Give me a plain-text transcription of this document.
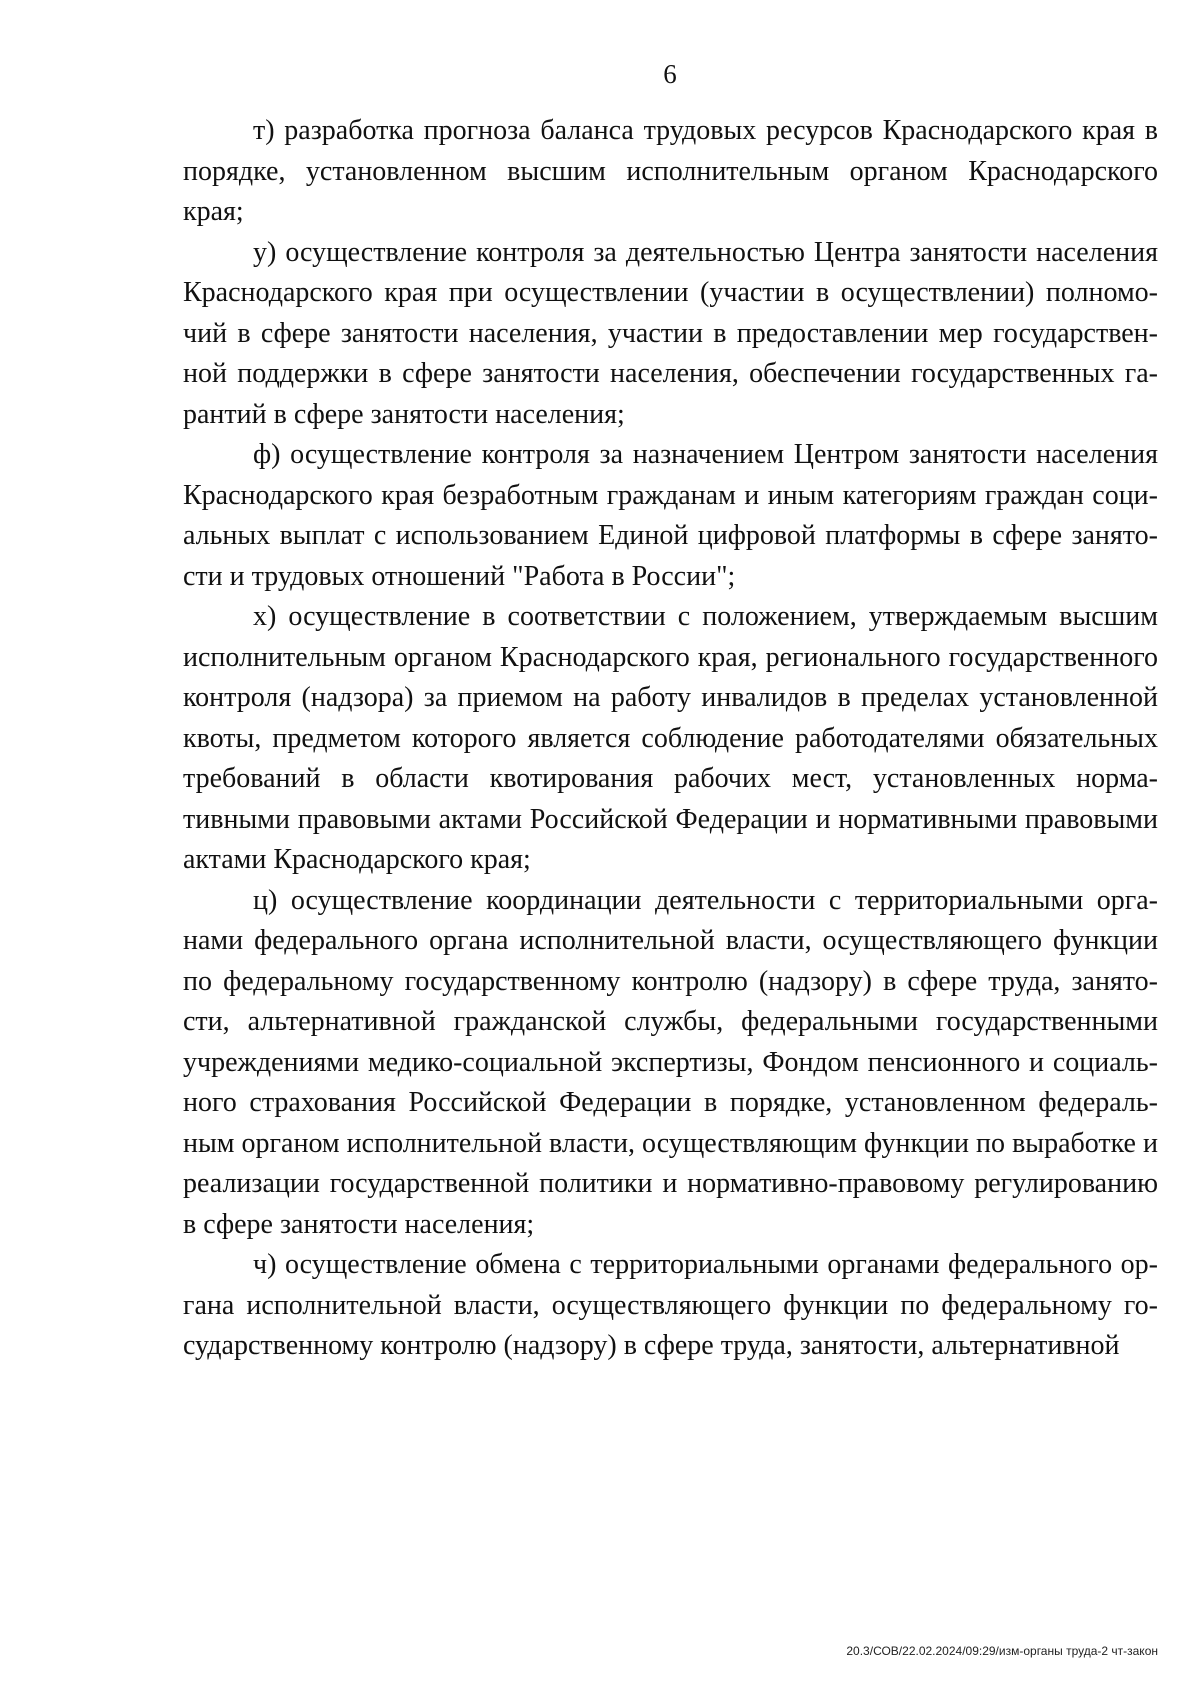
6

т) разработка прогноза баланса трудовых ресурсов Краснодарского края в порядке, установленном высшим исполнительным органом Краснодарского края;

у) осуществление контроля за деятельностью Центра занятости населения Краснодарского края при осуществлении (участии в осуществлении) полномочий в сфере занятости населения, участии в предоставлении мер государственной поддержки в сфере занятости населения, обеспечении государственных гарантий в сфере занятости населения;

ф) осуществление контроля за назначением Центром занятости населения Краснодарского края безработным гражданам и иным категориям граждан социальных выплат с использованием Единой цифровой платформы в сфере занятости и трудовых отношений "Работа в России";

х) осуществление в соответствии с положением, утверждаемым высшим исполнительным органом Краснодарского края, регионального государственного контроля (надзора) за приемом на работу инвалидов в пределах установленной квоты, предметом которого является соблюдение работодателями обязательных требований в области квотирования рабочих мест, установленных нормативными правовыми актами Российской Федерации и нормативными правовыми актами Краснодарского края;

ц) осуществление координации деятельности с территориальными органами федерального органа исполнительной власти, осуществляющего функции по федеральному государственному контролю (надзору) в сфере труда, занятости, альтернативной гражданской службы, федеральными государственными учреждениями медико-социальной экспертизы, Фондом пенсионного и социального страхования Российской Федерации в порядке, установленном федеральным органом исполнительной власти, осуществляющим функции по выработке и реализации государственной политики и нормативно-правовому регулированию в сфере занятости населения;

ч) осуществление обмена с территориальными органами федерального органа исполнительной власти, осуществляющего функции по федеральному государственному контролю (надзору) в сфере труда, занятости, альтернативной

20.3/СОВ/22.02.2024/09:29/изм-органы труда-2 чт-закон
